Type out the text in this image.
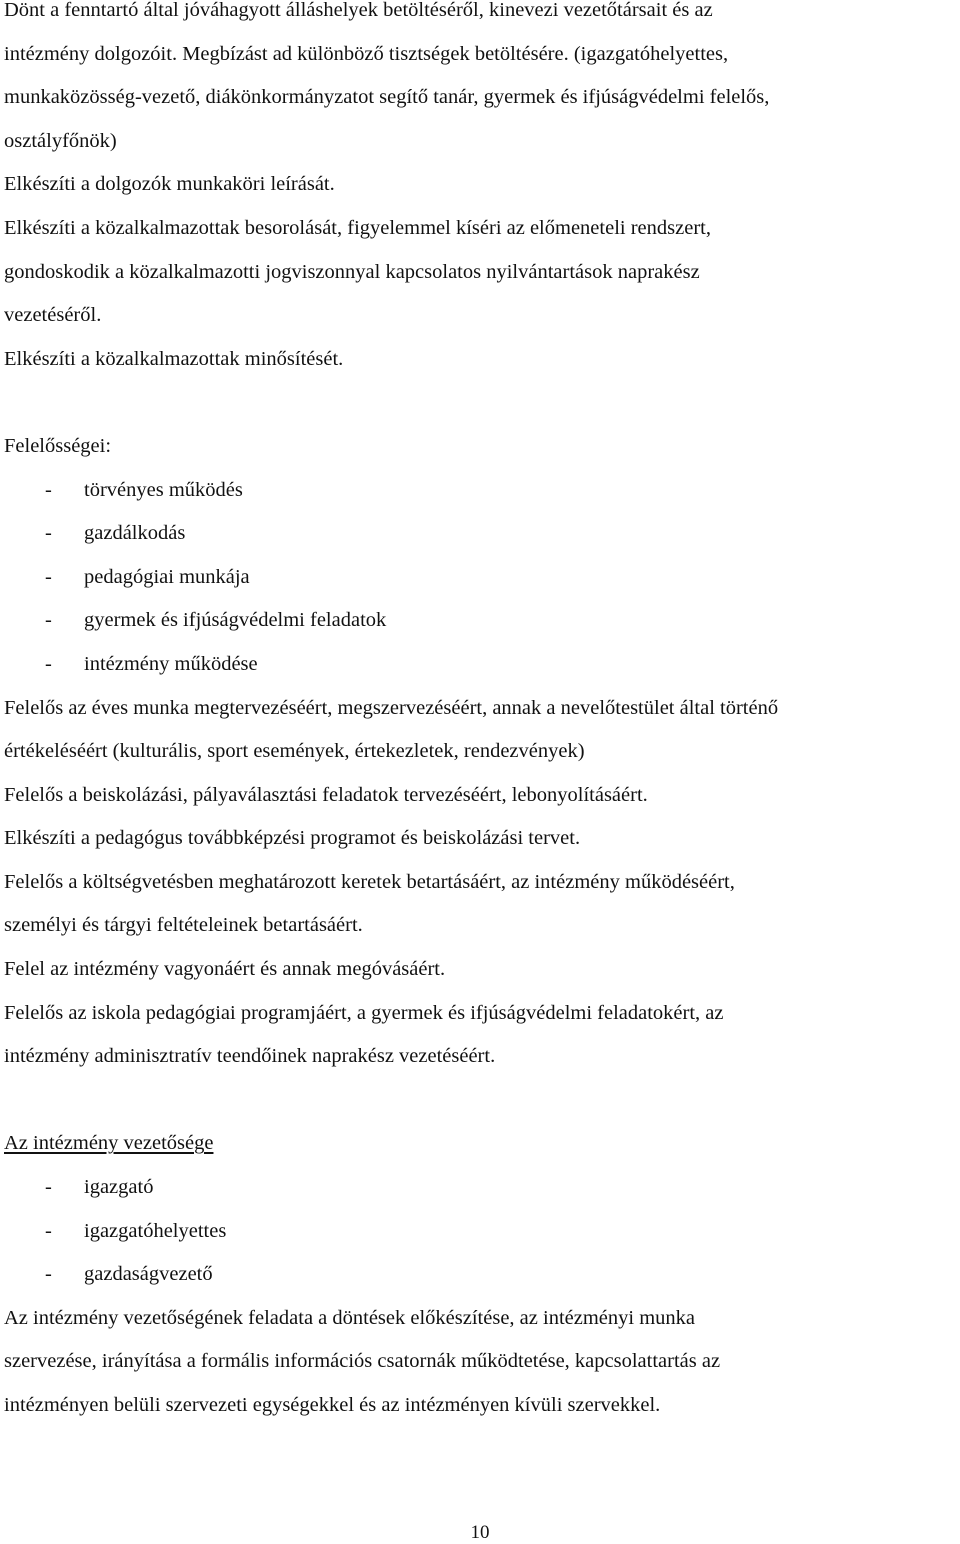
Dönt a fenntartó által jóváhagyott álláshelyek betöltéséről, kinevezi vezetőtársait és az

intézmény dolgozóit. Megbízást ad különböző tisztségek betöltésére. (igazgatóhelyettes,

munkaközösség-vezető, diákönkormányzatot segítő tanár, gyermek és ifjúságvédelmi felelős,

osztályfőnök)

Elkészíti a dolgozók munkaköri leírását.

Elkészíti a közalkalmazottak besorolását, figyelemmel kíséri az előmeneteli rendszert,

gondoskodik a közalkalmazotti jogviszonnyal kapcsolatos nyilvántartások naprakész

vezetéséről.

Elkészíti a közalkalmazottak minősítését.

Felelősségei:

-	törvényes működés
-	gazdálkodás
-	pedagógiai munkája
-	gyermek és ifjúságvédelmi feladatok
-	intézmény működése

Felelős az éves munka megtervezéséért, megszervezéséért, annak a nevelőtestület által történő

értékeléséért (kulturális, sport események, értekezletek, rendezvények)

Felelős a beiskolázási, pályaválasztási feladatok tervezéséért, lebonyolításáért.

Elkészíti a pedagógus továbbképzési programot és beiskolázási tervet.

Felelős a költségvetésben meghatározott keretek betartásáért, az intézmény működéséért,

személyi és tárgyi feltételeinek betartásáért.

Felel az intézmény vagyonáért és annak megóvásáért.

Felelős az iskola pedagógiai programjáért, a gyermek és ifjúságvédelmi feladatokért, az

intézmény adminisztratív teendőinek naprakész vezetéséért.

Az intézmény vezetősége

-	igazgató
-	igazgatóhelyettes
-	gazdaságvezető

Az intézmény vezetőségének feladata a döntések előkészítése, az intézményi munka

szervezése, irányítása a formális információs csatornák működtetése, kapcsolattartás az

intézményen belüli szervezeti egységekkel és az intézményen kívüli szervekkel.

10
